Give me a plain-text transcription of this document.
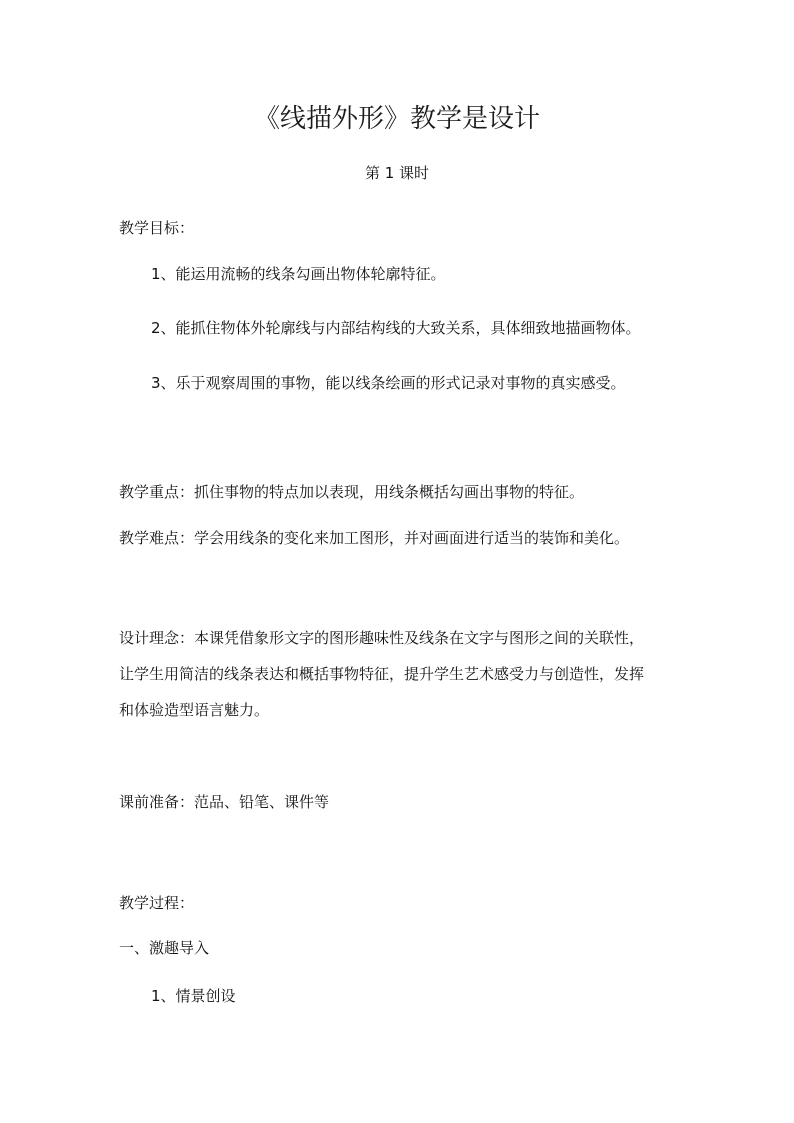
《线描外形》教学是设计
第 1 课时
教学目标：
1、能运用流畅的线条勾画出物体轮廓特征。
2、能抓住物体外轮廓线与内部结构线的大致关系，具体细致地描画物体。
3、乐于观察周围的事物，能以线条绘画的形式记录对事物的真实感受。
教学重点：抓住事物的特点加以表现，用线条概括勾画出事物的特征。
教学难点：学会用线条的变化来加工图形，并对画面进行适当的装饰和美化。
设计理念：本课凭借象形文字的图形趣味性及线条在文字与图形之间的关联性，
让学生用简洁的线条表达和概括事物特征，提升学生艺术感受力与创造性，发挥
和体验造型语言魅力。
课前准备：范品、铅笔、课件等
教学过程：
一、激趣导入
1、情景创设
